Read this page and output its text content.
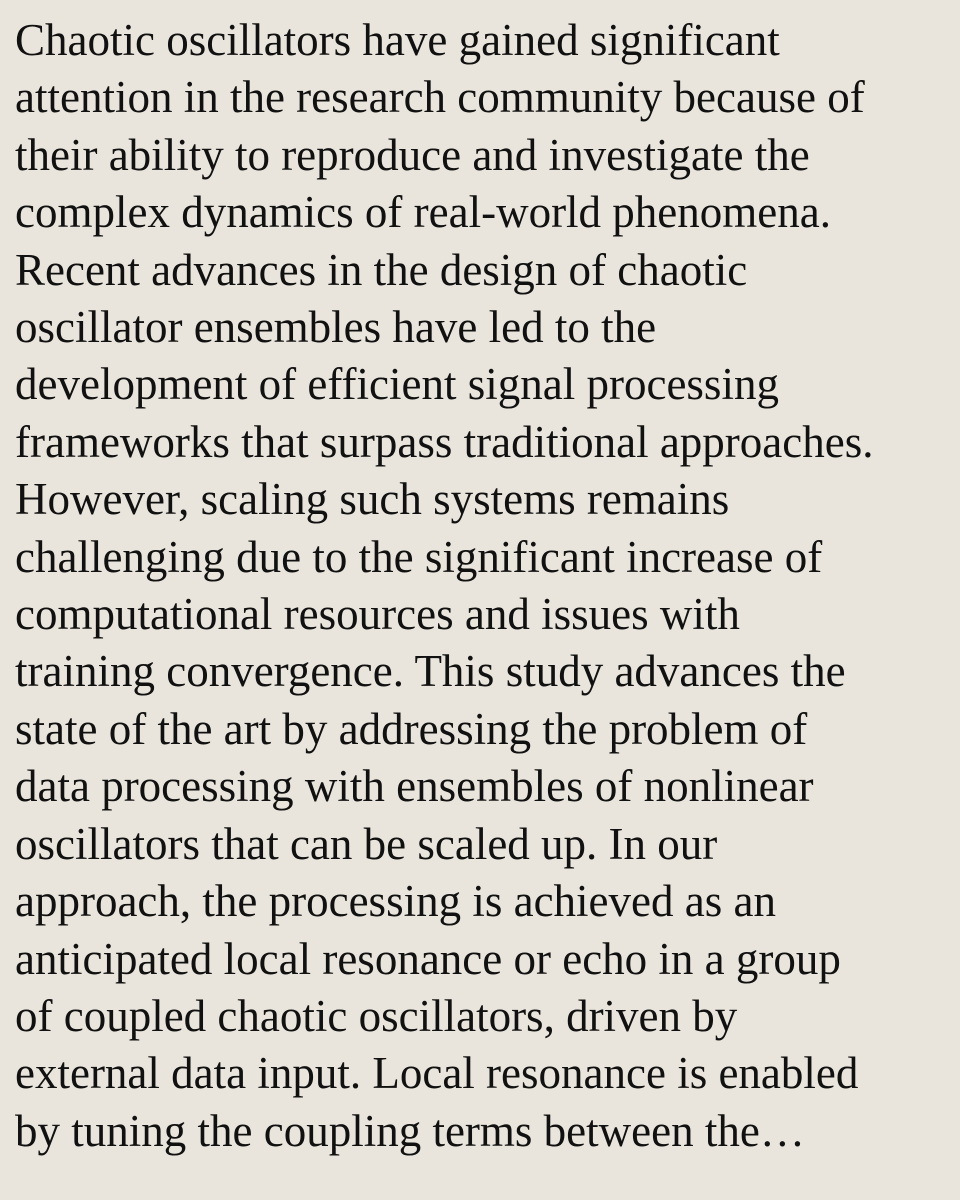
Chaotic oscillators have gained significant
attention in the research community because of
their ability to reproduce and investigate the
complex dynamics of real-world phenomena.
Recent advances in the design of chaotic
oscillator ensembles have led to the
development of efficient signal processing
frameworks that surpass traditional approaches.
However, scaling such systems remains
challenging due to the significant increase of
computational resources and issues with
training convergence. This study advances the
state of the art by addressing the problem of
data processing with ensembles of nonlinear
oscillators that can be scaled up. In our
approach, the processing is achieved as an
anticipated local resonance or echo in a group
of coupled chaotic oscillators, driven by
external data input. Local resonance is enabled
by tuning the coupling terms between the…
